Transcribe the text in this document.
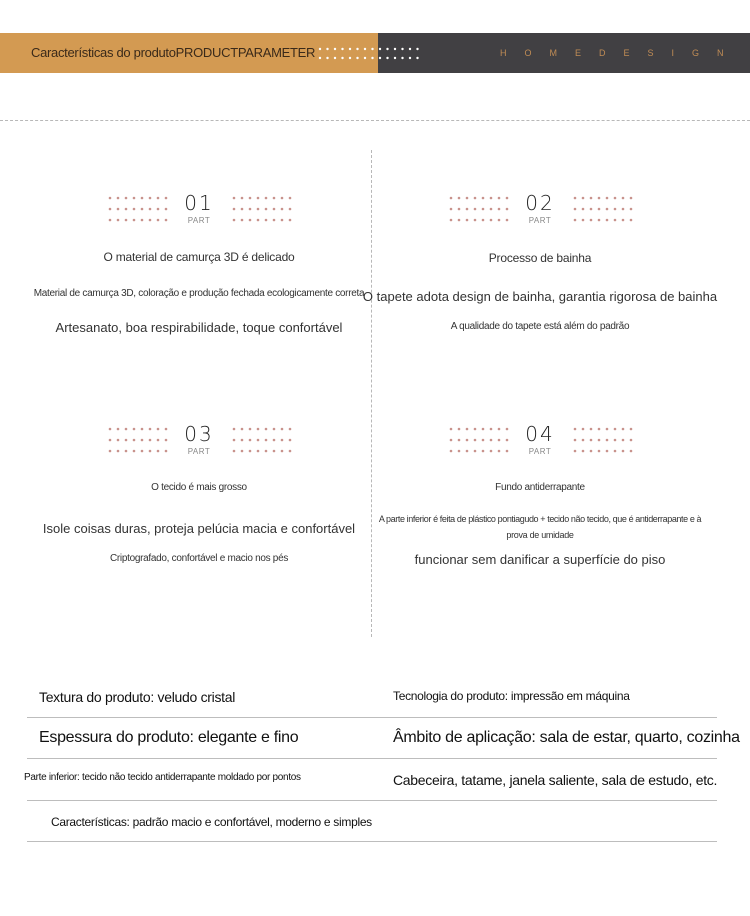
Características do produtoPRODUCTPARAMETER	HOMEDESIGN
01
PART
O material de camurça 3D é delicado
Material de camurça 3D, coloração e produção fechada ecologicamente correta
Artesanato, boa respirabilidade, toque confortável
02
PART
Processo de bainha
O tapete adota design de bainha, garantia rigorosa de bainha
A qualidade do tapete está além do padrão
03
PART
O tecido é mais grosso
Isole coisas duras, proteja pelúcia macia e confortável
Criptografado, confortável e macio nos pés
04
PART
Fundo antiderrapante
A parte inferior é feita de plástico pontiagudo + tecido não tecido, que é antiderrapante e à
prova de umidade
funcionar sem danificar a superfície do piso
Textura do produto: veludo cristal	Tecnologia do produto: impressão em máquina
Espessura do produto: elegante e fino	Âmbito de aplicação: sala de estar, quarto, cozinha
Parte inferior: tecido não tecido antiderrapante moldado por pontos	Cabeceira, tatame, janela saliente, sala de estudo, etc.
Características: padrão macio e confortável, moderno e simples
